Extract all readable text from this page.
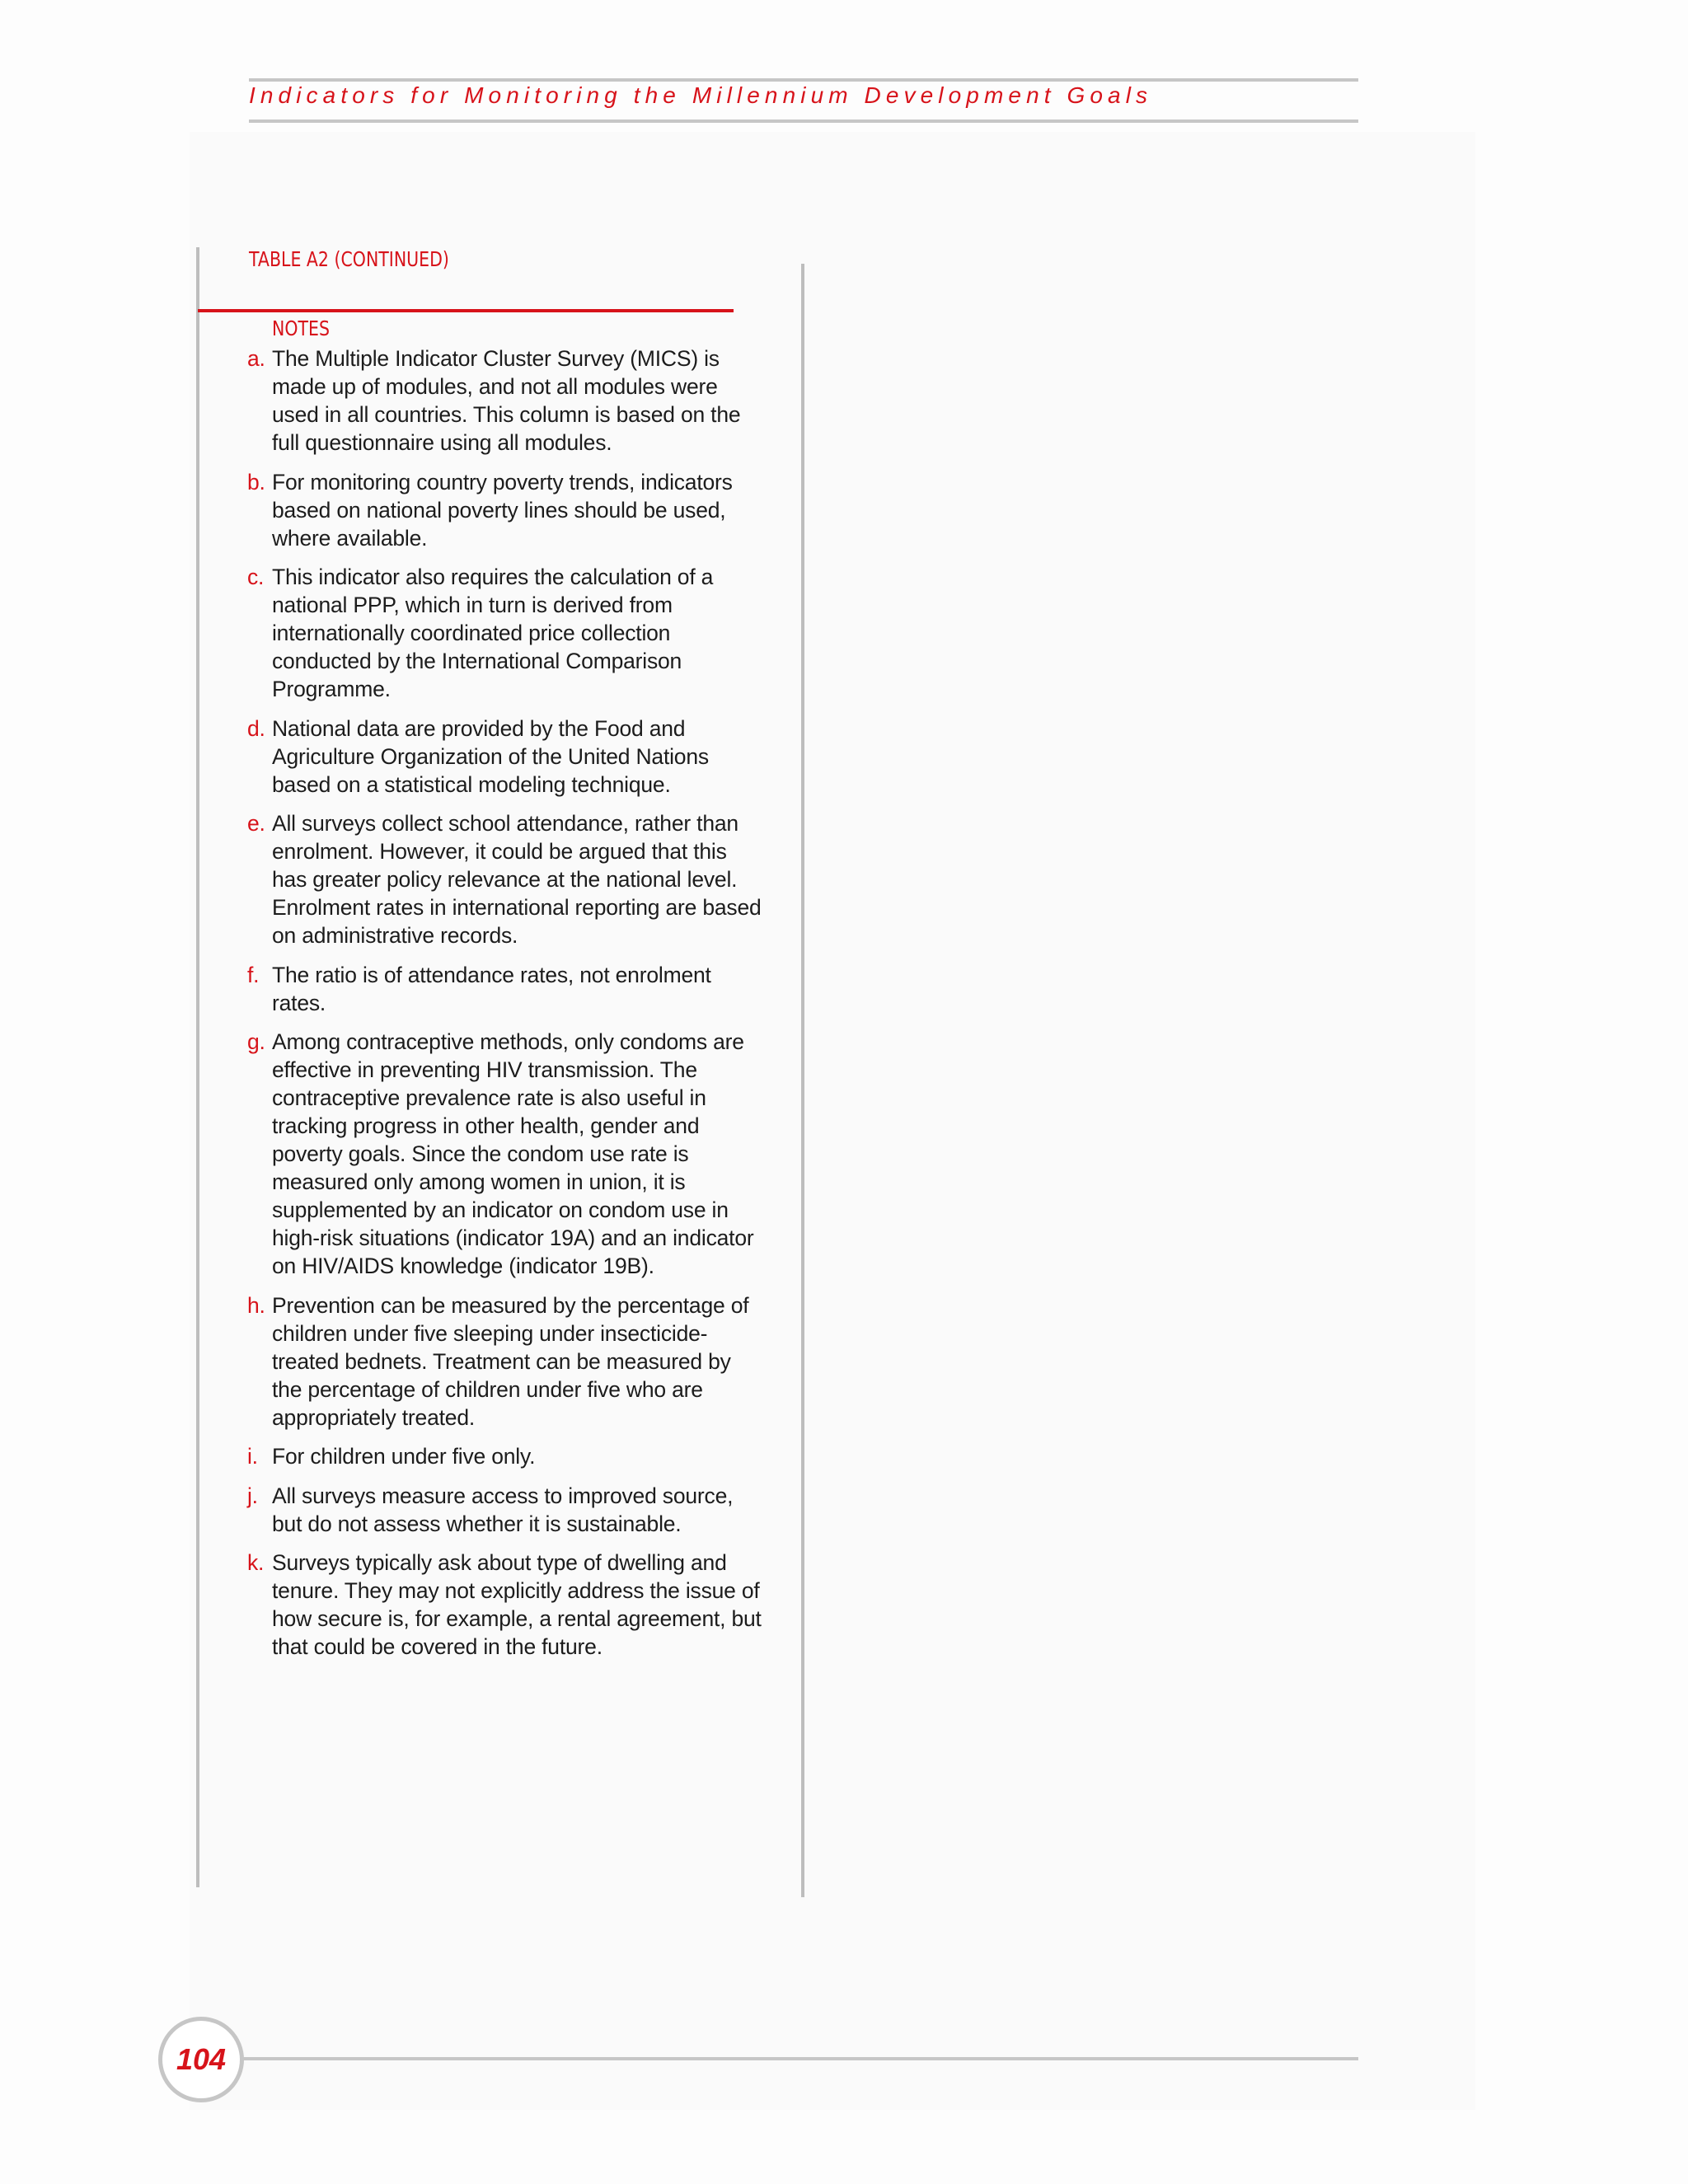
Indicators for Monitoring the Millennium Development Goals
TABLE A2 (CONTINUED)
NOTES
a. The Multiple Indicator Cluster Survey (MICS) is made up of modules, and not all modules were used in all countries. This column is based on the full questionnaire using all modules.
b. For monitoring country poverty trends, indicators based on national poverty lines should be used, where available.
c. This indicator also requires the calculation of a national PPP, which in turn is derived from internationally coordinated price collection conducted by the International Comparison Programme.
d. National data are provided by the Food and Agriculture Organization of the United Nations based on a statistical modeling technique.
e. All surveys collect school attendance, rather than enrolment. However, it could be argued that this has greater policy relevance at the national level. Enrolment rates in international reporting are based on administrative records.
f. The ratio is of attendance rates, not enrolment rates.
g. Among contraceptive methods, only condoms are effective in preventing HIV transmission. The contraceptive prevalence rate is also useful in tracking progress in other health, gender and poverty goals. Since the condom use rate is measured only among women in union, it is supplemented by an indicator on condom use in high-risk situations (indicator 19A) and an indicator on HIV/AIDS knowledge (indicator 19B).
h. Prevention can be measured by the percentage of children under five sleeping under insecticide-treated bednets. Treatment can be measured by the percentage of children under five who are appropriately treated.
i. For children under five only.
j. All surveys measure access to improved source, but do not assess whether it is sustainable.
k. Surveys typically ask about type of dwelling and tenure. They may not explicitly address the issue of how secure is, for example, a rental agreement, but that could be covered in the future.
104
